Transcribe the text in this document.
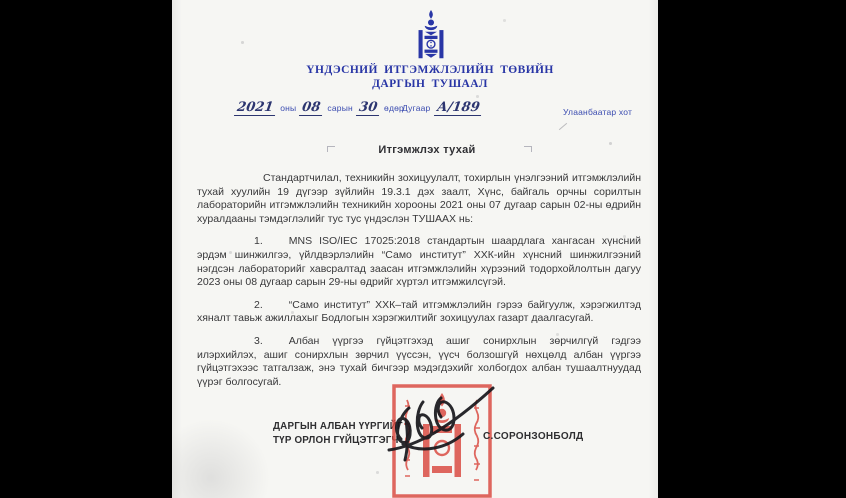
ҮНДЭСНИЙ ИТГЭМЖЛЭЛИЙН ТӨВИЙН
ДАРГЫН ТУШААЛ
2021 оны 08 сарын 30 өдөр
Дугаар А/189	Улаанбаатар хот
Итгэмжлэх тухай

Стандартчилал, техникийн зохицуулалт, тохирлын үнэлгээний итгэмжлэлийн тухай хуулийн 19 дүгээр зүйлийн 19.3.1 дэх заалт, Хүнс, байгаль орчны сорилтын лабораторийн итгэмжлэлийн техникийн хорооны 2021 оны 07 дугаар сарын 02-ны өдрийн хуралдааны тэмдэглэлийг тус тус үндэслэн ТУШААХ нь:

1. MNS ISO/IEC 17025:2018 стандартын шаардлага хангасан хүнсний эрдэм шинжилгээ, үйлдвэрлэлийн “Само институт” ХХК-ийн хүнсний шинжилгээний нэгдсэн лабораторийг хавсралтад заасан итгэмжлэлийн хүрээний тодорхойлолтын дагуу 2023 оны 08 дугаар сарын 29-ны өдрийг хүртэл итгэмжилсүгэй.

2. “Само институт” ХХК–тай итгэмжлэлийн гэрээ байгуулж, хэрэгжилтэд хяналт тавьж ажиллахыг Бодлогын хэрэгжилтийг зохицуулах газарт даалгасугай.

3. Албан үүргээ гүйцэтгэхэд ашиг сонирхлын зөрчилгүй гэдгээ илэрхийлэх, ашиг сонирхлын зөрчил үүссэн, үүсч болзошгүй нөхцөлд албан үүргээ гүйцэтгэхээс татгалзаж, энэ тухай бичгээр мэдэгдэхийг холбогдох албан тушаалтнуудад үүрэг болгосугай.

ДАРГЫН АЛБАН ҮҮРГИЙГ
ТҮР ОРЛОН ГҮЙЦЭТГЭГЧ	С.СОРОНЗОНБОЛД
